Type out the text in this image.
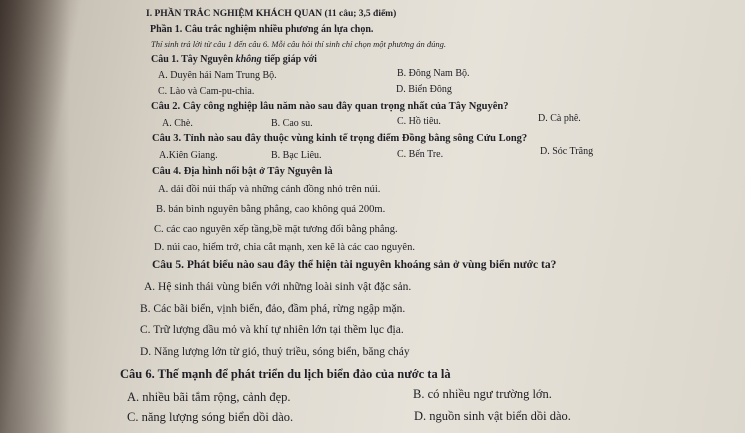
I. PHẦN TRẮC NGHIỆM KHÁCH QUAN (11 câu; 3,5 điểm)
Phần 1. Câu trắc nghiệm nhiều phương án lựa chọn.
Thí sinh trả lời từ câu 1 đến câu 6. Mỗi câu hỏi thí sinh chỉ chọn một phương án đúng.
Câu 1. Tây Nguyên không tiếp giáp với
A. Duyên hải Nam Trung Bộ.	B. Đông Nam Bộ.
C. Lào và Cam-pu-chia.	D. Biển Đông
Câu 2. Cây công nghiệp lâu năm nào sau đây quan trọng nhất của Tây Nguyên?
A. Chè.	B. Cao su.	C. Hồ tiêu.	D. Cà phê.
Câu 3. Tỉnh nào sau đây thuộc vùng kinh tế trọng điểm Đồng bằng sông Cửu Long?
A.Kiên Giang.	B. Bạc Liêu.	C. Bến Tre.	D. Sóc Trăng
Câu 4. Địa hình nổi bật ở Tây Nguyên là
A. dải đồi núi thấp và những cánh đồng nhỏ trên núi.
B. bán bình nguyên bằng phẳng, cao không quá 200m.
C. các cao nguyên xếp tầng,bề mặt tương đối bằng phẳng.
D. núi cao, hiểm trở, chia cắt mạnh, xen kẽ là các cao nguyên.
Câu 5. Phát biểu nào sau đây thể hiện tài nguyên khoáng sản ở vùng biển nước ta?
A. Hệ sinh thái vùng biển với những loài sinh vật đặc sản.
B. Các bãi biển, vịnh biển, đảo, đầm phá, rừng ngập mặn.
C. Trữ lượng dầu mỏ và khí tự nhiên lớn tại thềm lục địa.
D. Năng lượng lớn từ gió, thuỷ triều, sóng biển, băng cháy
Câu 6. Thế mạnh để phát triển du lịch biển đảo của nước ta là
A. nhiều bãi tắm rộng, cảnh đẹp.	B. có nhiều ngư trường lớn.
C. năng lượng sóng biển dồi dào.	D. nguồn sinh vật biển dồi dào.
